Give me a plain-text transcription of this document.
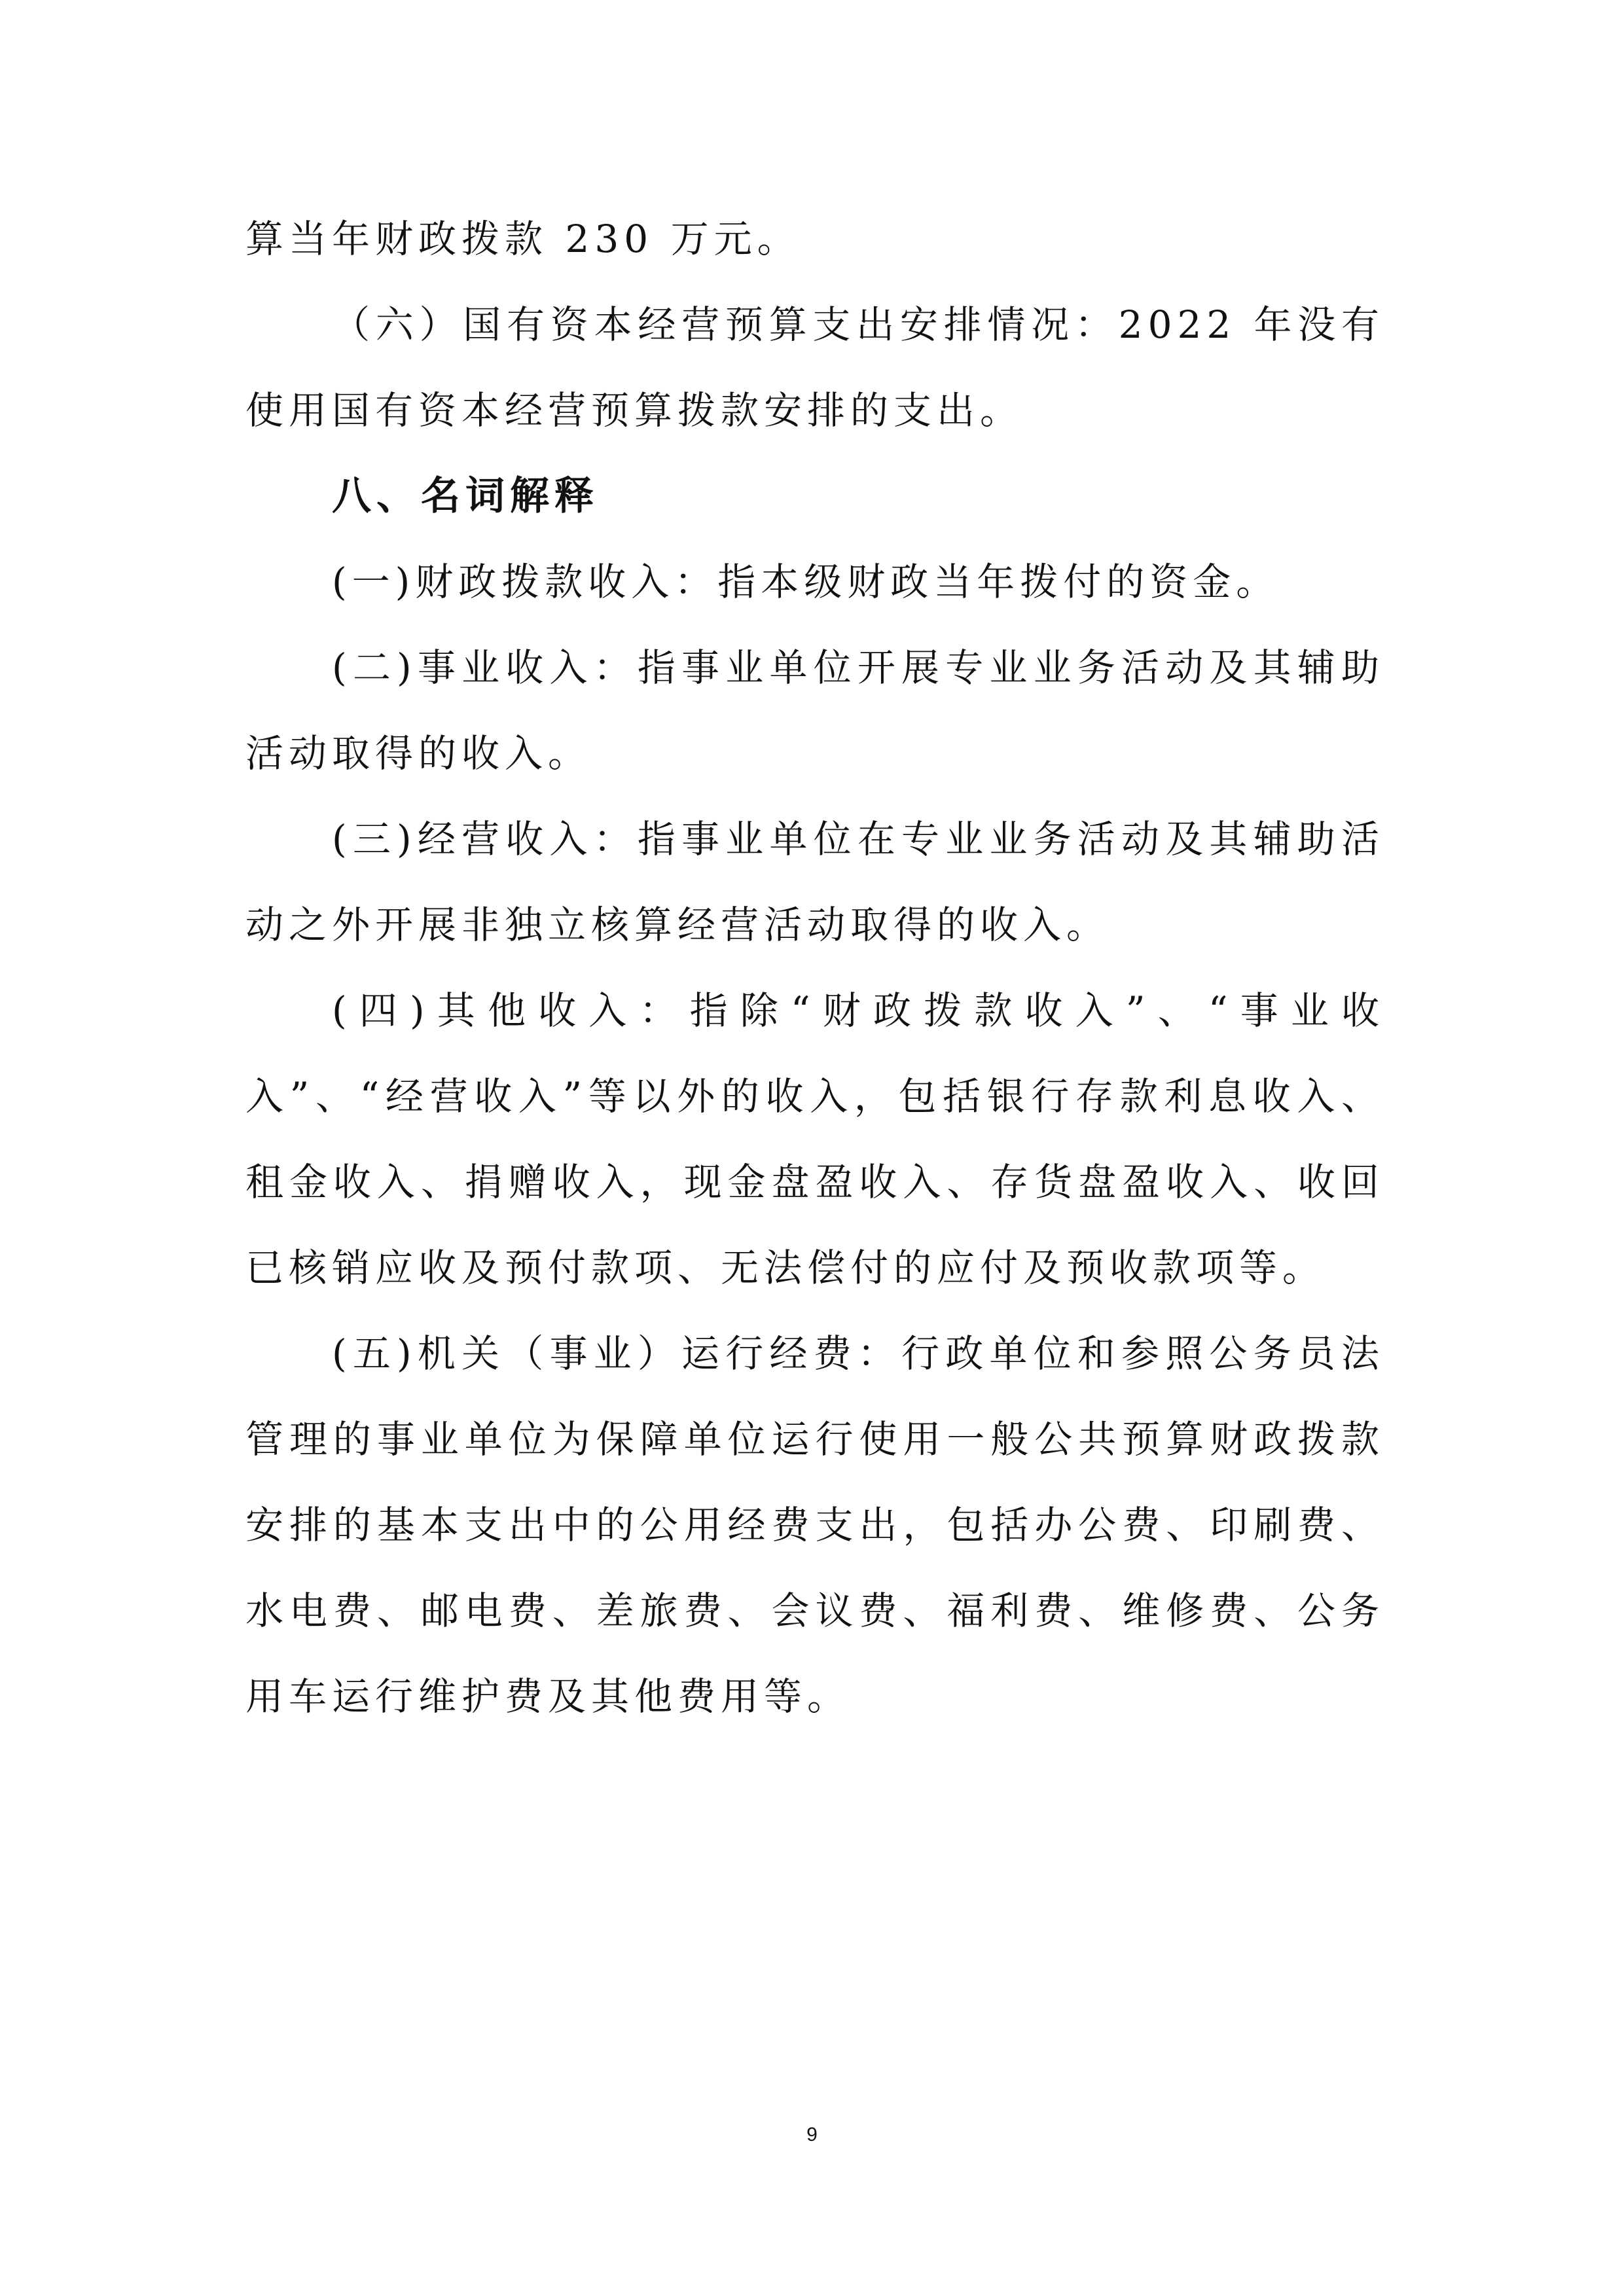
算当年财政拨款 230 万元。

（六）国有资本经营预算支出安排情况：2022 年没有使用国有资本经营预算拨款安排的支出。

八、名词解释

(一)财政拨款收入：指本级财政当年拨付的资金。

(二)事业收入：指事业单位开展专业业务活动及其辅助活动取得的收入。

(三)经营收入：指事业单位在专业业务活动及其辅助活动之外开展非独立核算经营活动取得的收入。

(四)其他收入：指除“财政拨款收入”、“事业收入”、“经营收入”等以外的收入，包括银行存款利息收入、租金收入、捐赠收入，现金盘盈收入、存货盘盈收入、收回已核销应收及预付款项、无法偿付的应付及预收款项等。

(五)机关（事业）运行经费：行政单位和参照公务员法管理的事业单位为保障单位运行使用一般公共预算财政拨款安排的基本支出中的公用经费支出，包括办公费、印刷费、水电费、邮电费、差旅费、会议费、福利费、维修费、公务用车运行维护费及其他费用等。

9
